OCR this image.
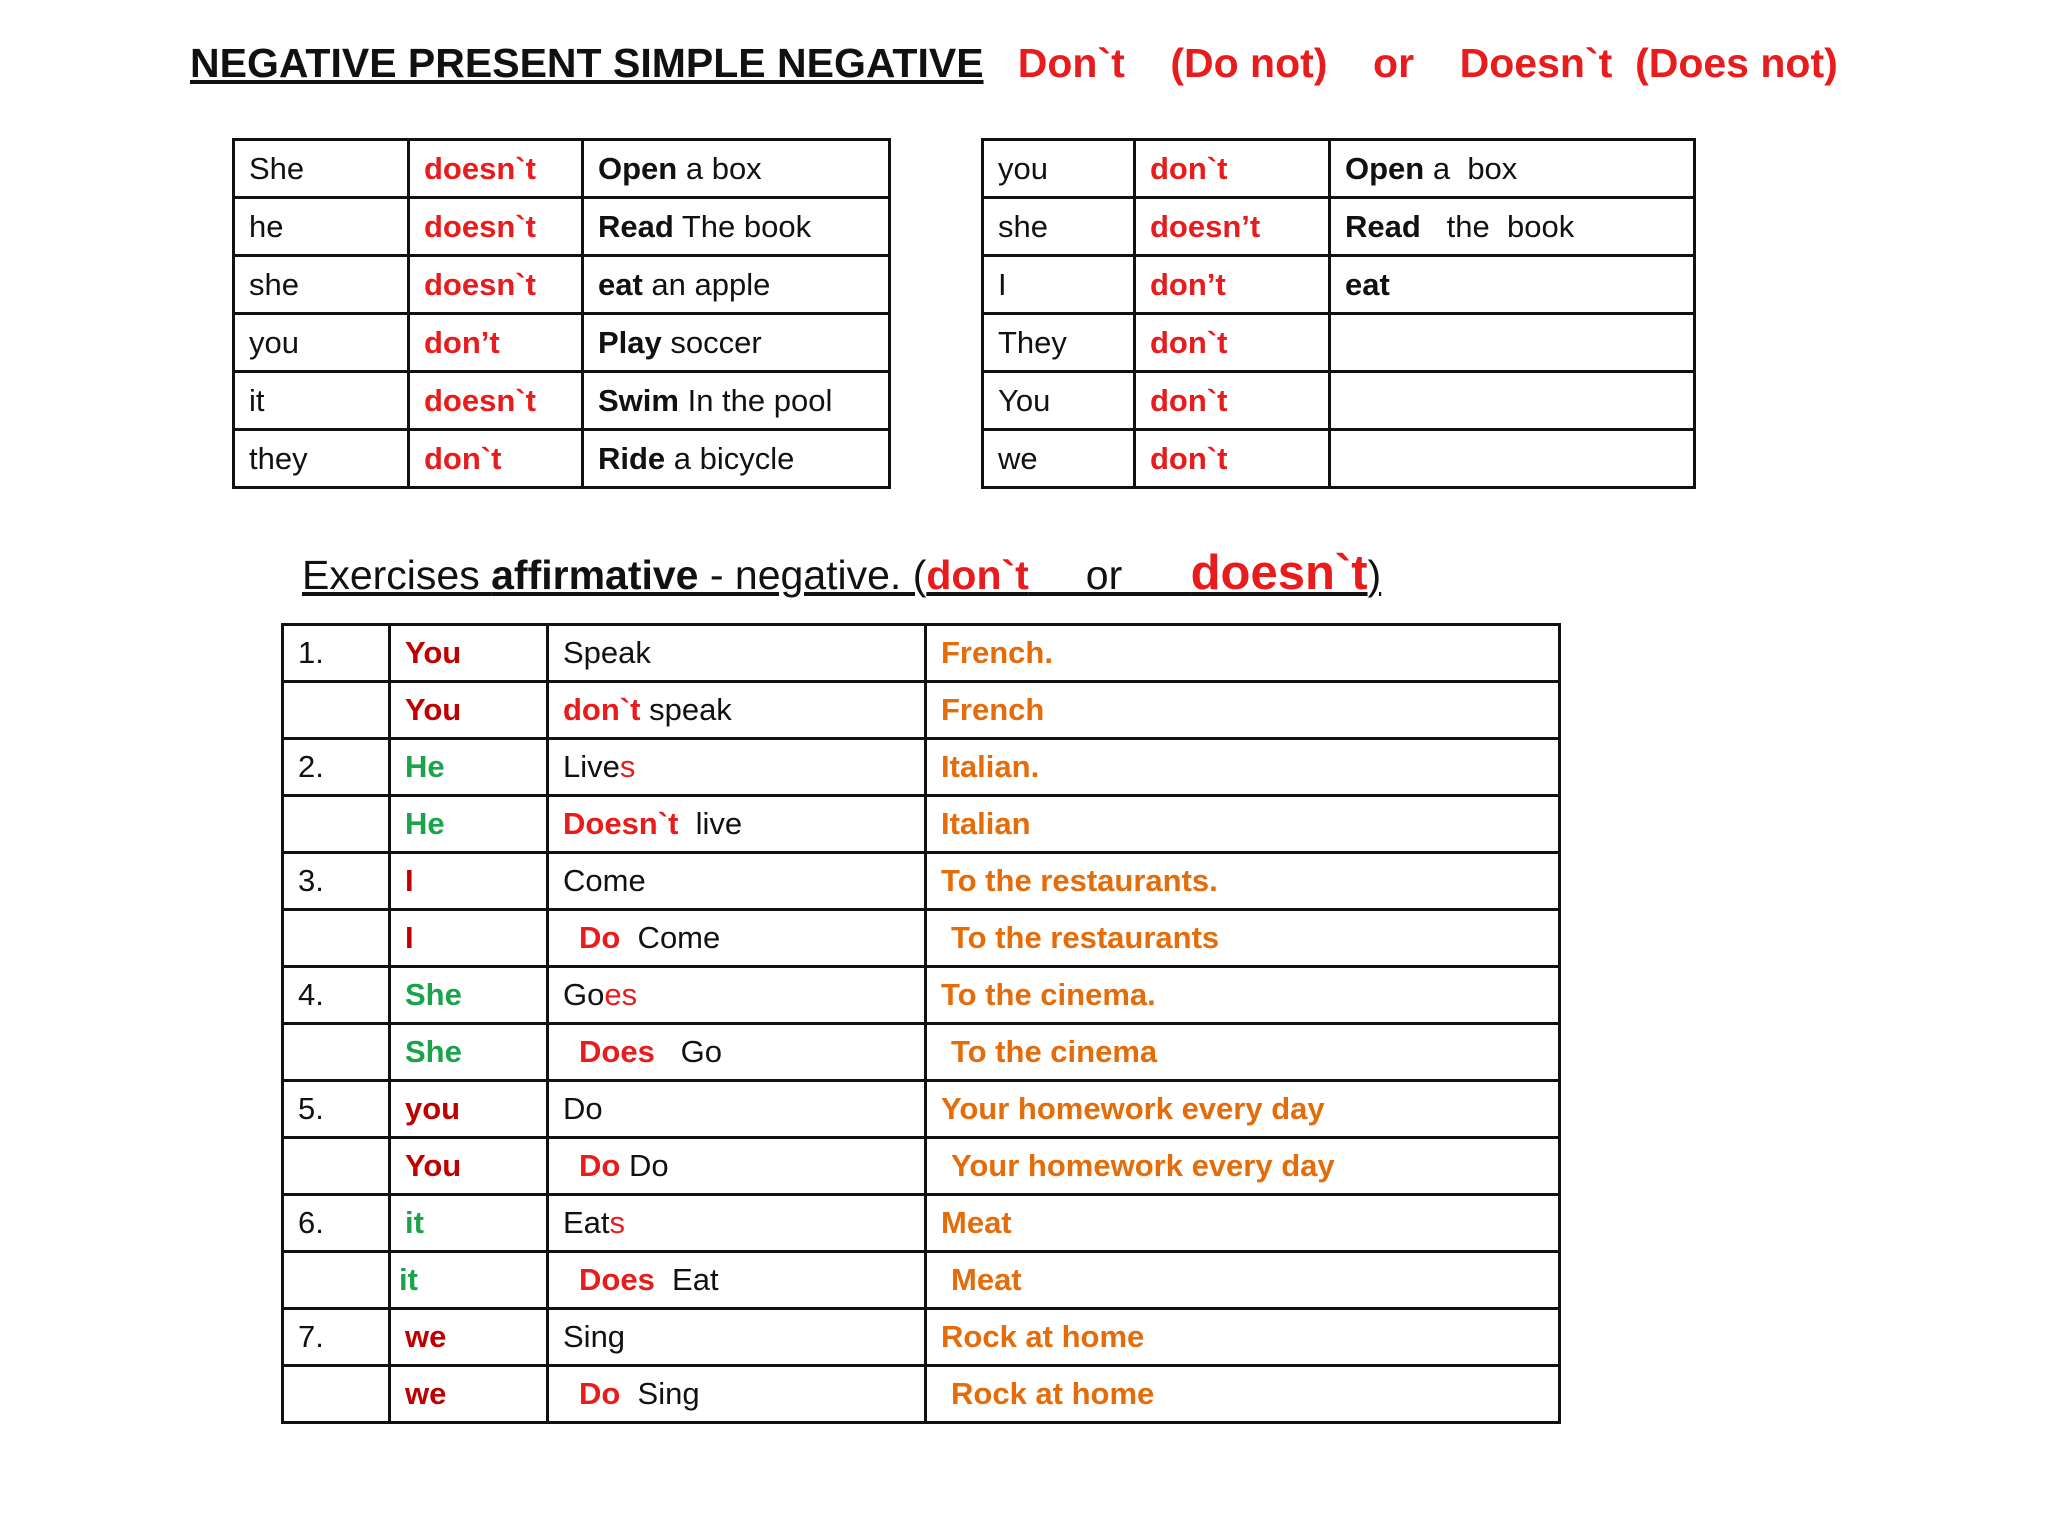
NEGATIVE PRESENT SIMPLE NEGATIVE Don`t (Do not) or Doesn`t (Does not)
She	doesn`t	Open a box
he	doesn`t	Read The book
she	doesn`t	eat an apple
you	don’t	Play soccer
it	doesn`t	Swim In the pool
they	don`t	Ride a bicycle
you	don`t	Open a  box
she	doesn’t	Read   the  book
I	don’t	eat
They	don`t	
You	don`t	
we	don`t	
Exercises affirmative - negative. (don`t     or      doesn`t)
1.	You	Speak	French.
	You	don`t speak	French
2.	He	Lives	Italian.
	He	Doesn`t  live	Italian
3.	I	Come	To the restaurants.
	I	Do  Come	To the restaurants
4.	She	Goes	To the cinema.
	She	Does   Go	To the cinema
5.	you	Do	Your homework every day
	You	Do Do	Your homework every day
6.	it	Eats	Meat
	it	Does  Eat	Meat
7.	we	Sing	Rock at home
	we	Do  Sing	Rock at home
